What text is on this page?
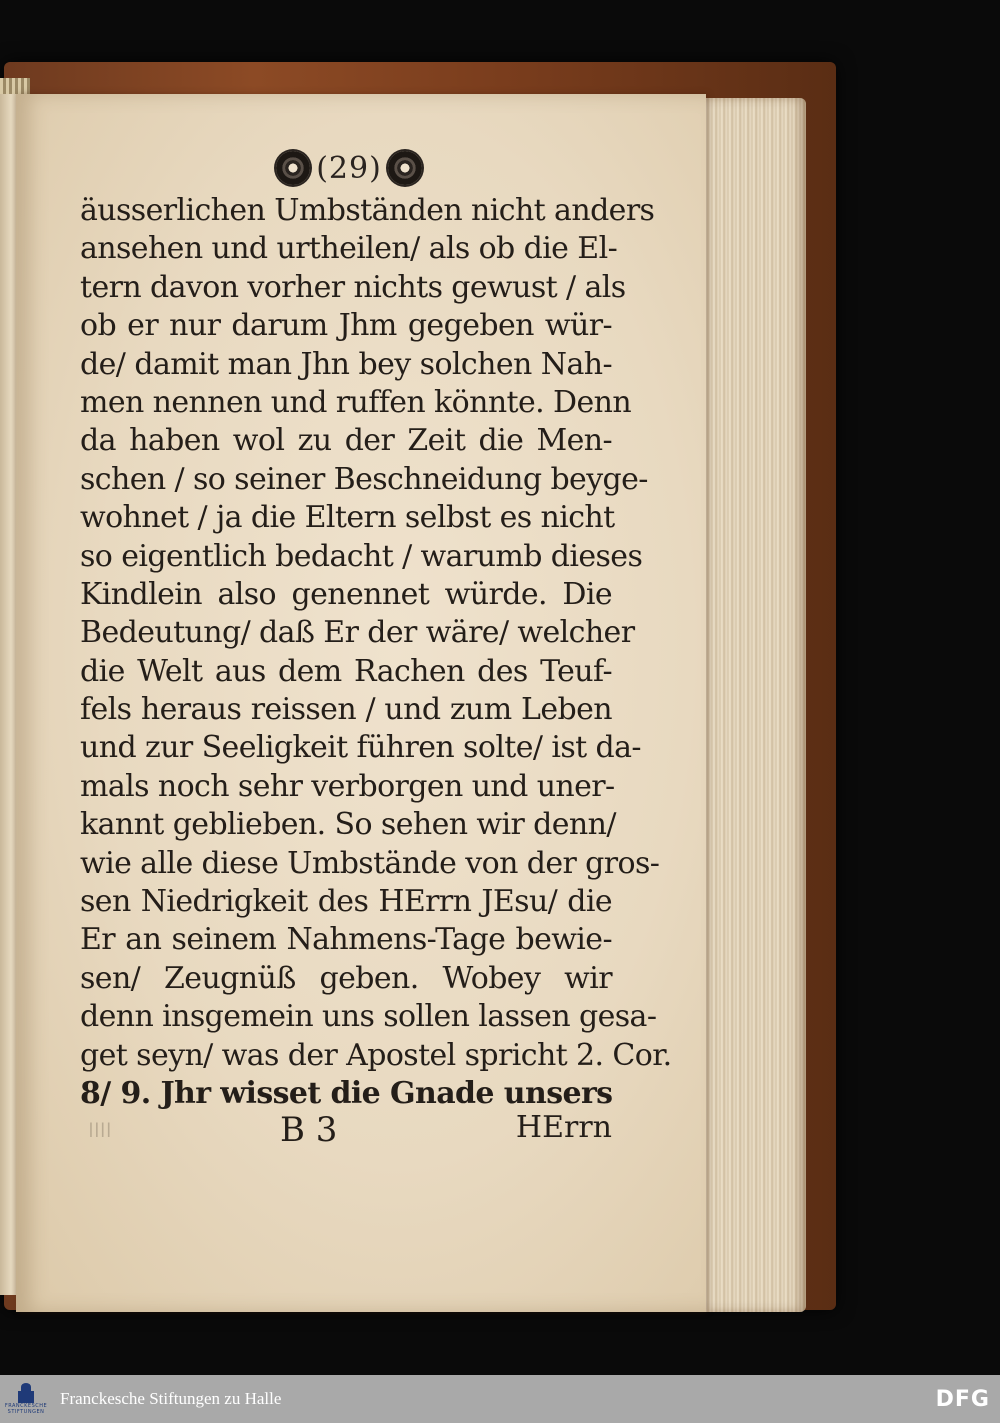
(29)
äusserlichen Umbständen nicht anders
ansehen und urtheilen/ als ob die El-
tern davon vorher nichts gewust / als
ob er nur darum Jhm gegeben wür-
de/ damit man Jhn bey solchen Nah-
men nennen und ruffen könnte. Denn
da haben wol zu der Zeit die Men-
schen / so seiner Beschneidung beyge-
wohnet / ja die Eltern selbst es nicht
so eigentlich bedacht / warumb dieses
Kindlein also genennet würde. Die
Bedeutung/ daß Er der wäre/ welcher
die Welt aus dem Rachen des Teuf-
fels heraus reissen / und zum Leben
und zur Seeligkeit führen solte/ ist da-
mals noch sehr verborgen und uner-
kannt geblieben. So sehen wir denn/
wie alle diese Umbstände von der gros-
sen Niedrigkeit des HErrn JEsu/ die
Er an seinem Nahmens-Tage bewie-
sen/ Zeugnüß geben. Wobey wir
denn insgemein uns sollen lassen gesa-
get seyn/ was der Apostel spricht 2. Cor.
8/ 9. Jhr wisset die Gnade unsers
ǀǀǀǀ	B 3	HErrn
FRANCKESCHE STIFTUNGEN
Franckesche Stiftungen zu Halle	DFG
